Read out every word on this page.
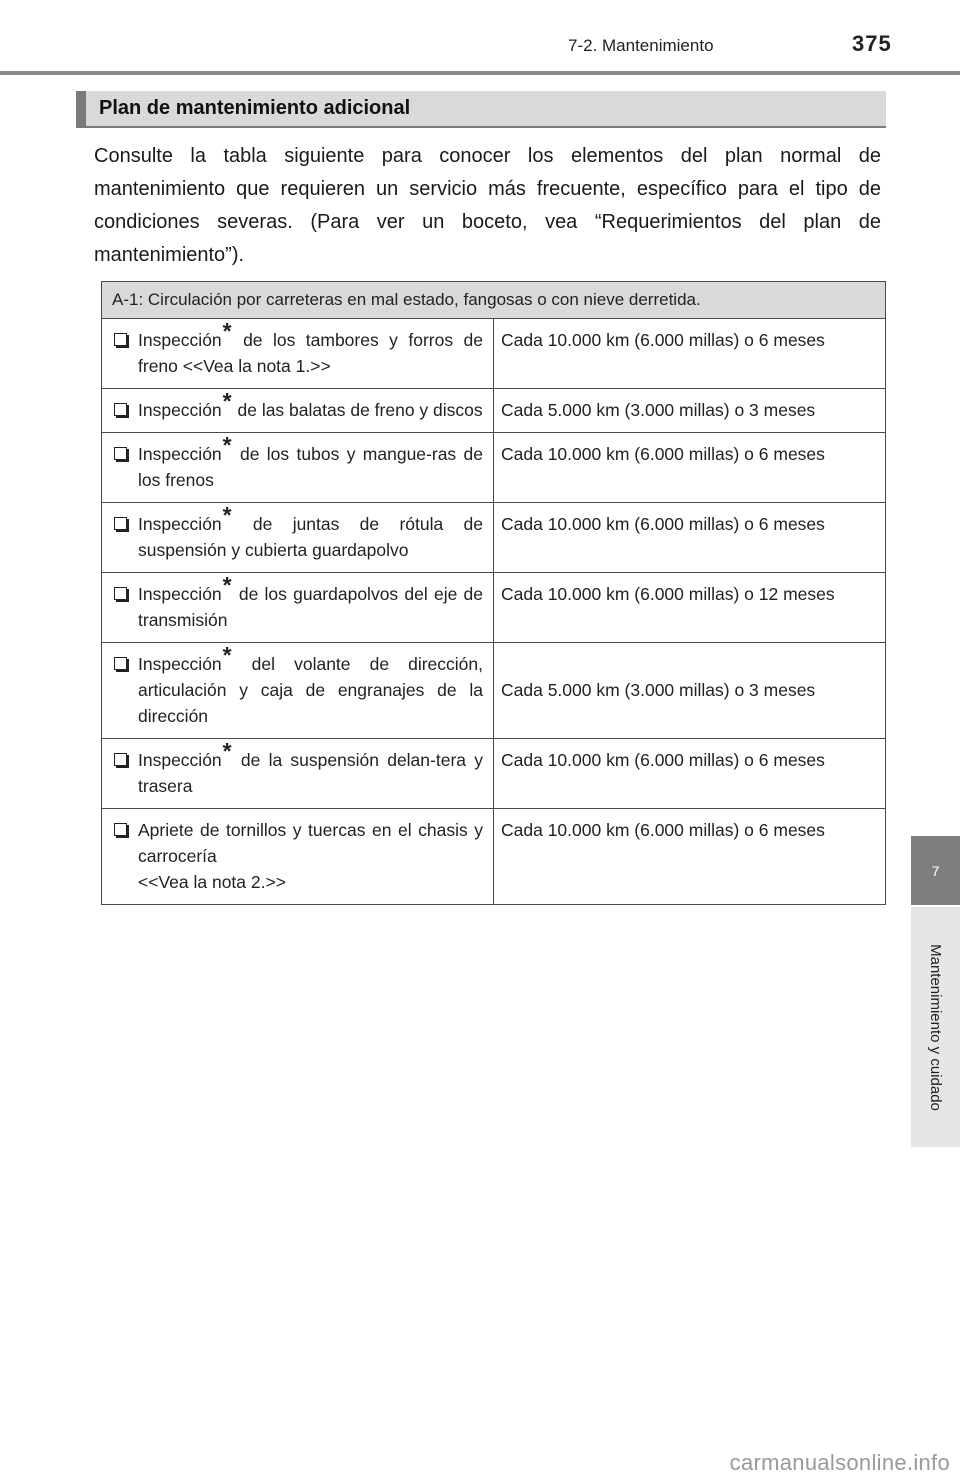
7-2. Mantenimiento	375
7
Mantenimiento y cuidado
Plan de mantenimiento adicional

Consulte la tabla siguiente para conocer los elementos del plan normal de mantenimiento que requieren un servicio más frecuente, específico para el tipo de condiciones severas. (Para ver un boceto, vea “Requerimientos del plan de mantenimiento”).

A-1: Circulación por carreteras en mal estado, fangosas o con nieve derretida.	

Inspección* de los tambores y forros de freno <<Vea la nota 1.>>	Cada 10.000 km (6.000 millas) o 6 meses

Inspección* de las balatas de freno y discos	Cada 5.000 km (3.000 millas) o 3 meses

Inspección* de los tubos y mangue-ras de los frenos	Cada 10.000 km (6.000 millas) o 6 meses

Inspección* de juntas de rótula de suspensión y cubierta guardapolvo	Cada 10.000 km (6.000 millas) o 6 meses

Inspección* de los guardapolvos del eje de transmisión	Cada 10.000 km (6.000 millas) o 12 meses

Inspección* del volante de dirección, articulación y caja de engranajes de la dirección	Cada 5.000 km (3.000 millas) o 3 meses

Inspección* de la suspensión delan-tera y trasera	Cada 10.000 km (6.000 millas) o 6 meses

Apriete de tornillos y tuercas en el chasis y carrocería
<<Vea la nota 2.>>	Cada 10.000 km (6.000 millas) o 6 meses
carmanualsonline.info
